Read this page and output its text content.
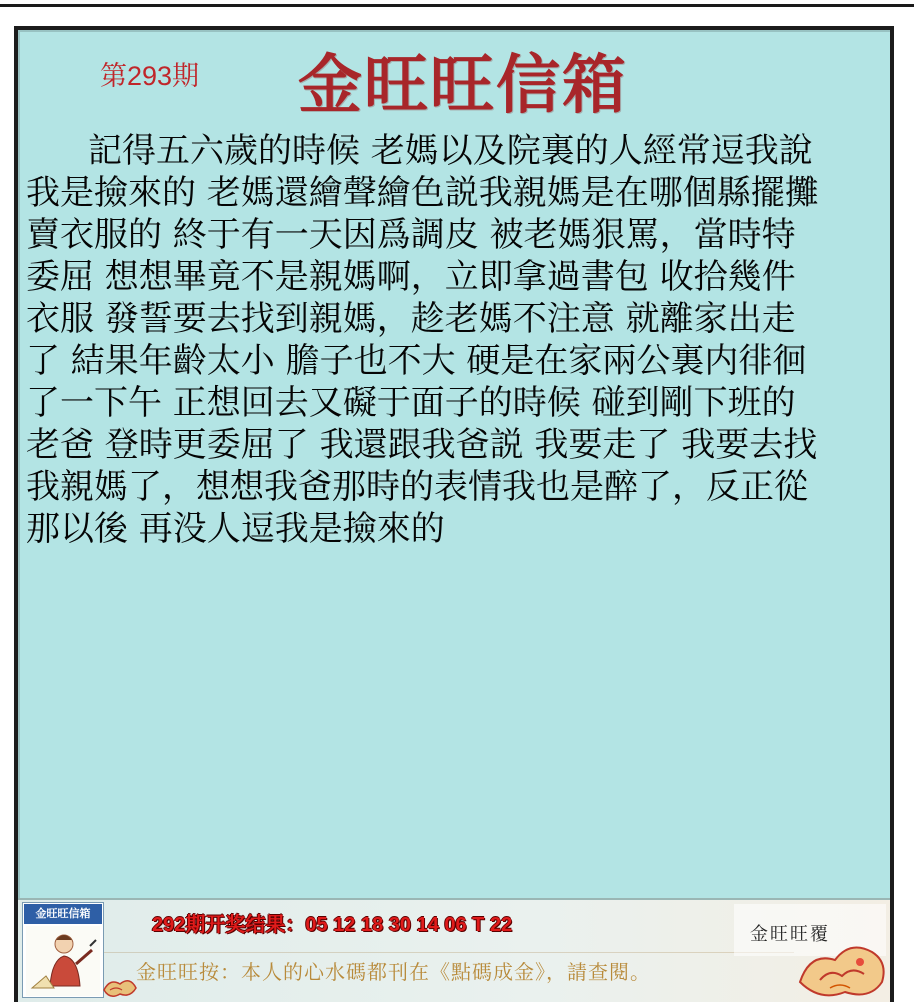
第293期 金旺旺信箱
記得五六歲的時候 老媽以及院裏的人經常逗我說
我是撿來的 老媽還繪聲繪色説我親媽是在哪個縣擺攤
賣衣服的 終于有一天因爲調皮 被老媽狠罵，當時特
委屈 想想畢竟不是親媽啊，立即拿過書包 收拾幾件
衣服 發誓要去找到親媽，趁老媽不注意 就離家出走
了 結果年齡太小 膽子也不大 硬是在家兩公裏内徘徊
了一下午 正想回去又礙于面子的時候 碰到剛下班的
老爸 登時更委屈了 我還跟我爸説 我要走了 我要去找
我親媽了，想想我爸那時的表情我也是醉了，反正從
那以後 再没人逗我是撿來的
金旺旺信箱
292期开奖结果：05 12 18 30 14 06 T 22	金旺旺覆
金旺旺按：本人的心水碼都刊在《點碼成金》，請查閱。
